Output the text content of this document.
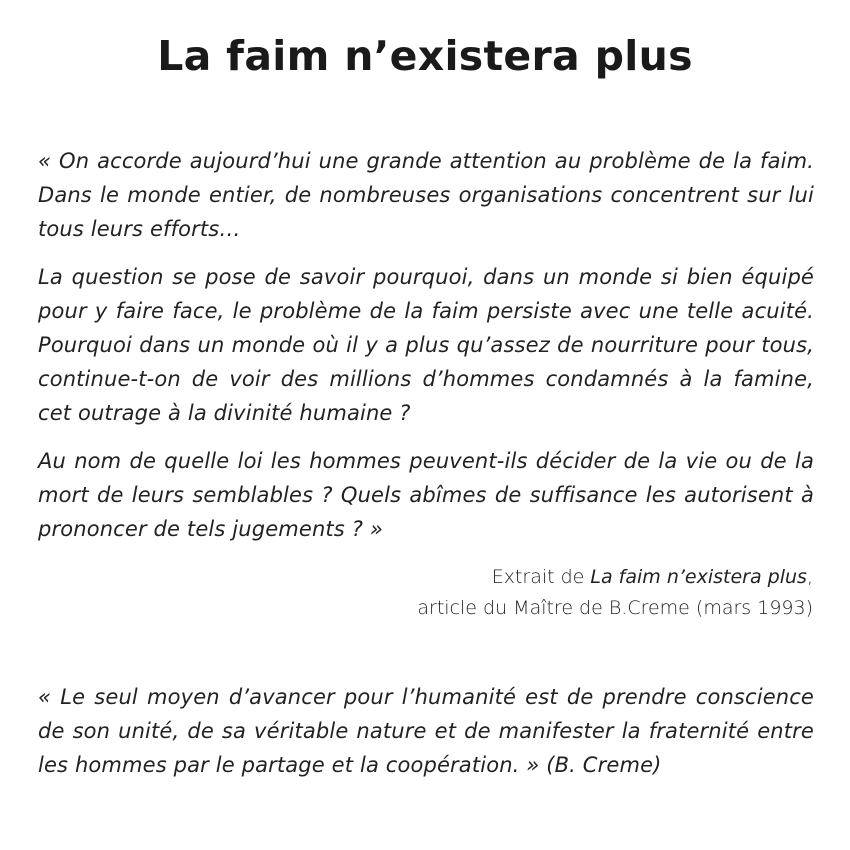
La faim n’existera plus

« On accorde aujourd’hui une grande attention au problème de la faim. Dans le monde entier, de nombreuses organisations concentrent sur lui tous leurs efforts…

La question se pose de savoir pourquoi, dans un monde si bien équipé pour y faire face, le problème de la faim persiste avec une telle acuité. Pourquoi dans un monde où il y a plus qu’assez de nourriture pour tous, continue-t-on de voir des millions d’hommes condamnés à la famine, cet outrage à la divinité humaine ?

Au nom de quelle loi les hommes peuvent-ils décider de la vie ou de la mort de leurs semblables ? Quels abîmes de suffisance les autorisent à prononcer de tels jugements ? »

Extrait de La faim n’existera plus,
article du Maître de B.Creme (mars 1993)

« Le seul moyen d’avancer pour l’humanité est de prendre conscience de son unité, de sa véritable nature et de manifester la fraternité entre les hommes par le partage et la coopération. » (B. Creme)
